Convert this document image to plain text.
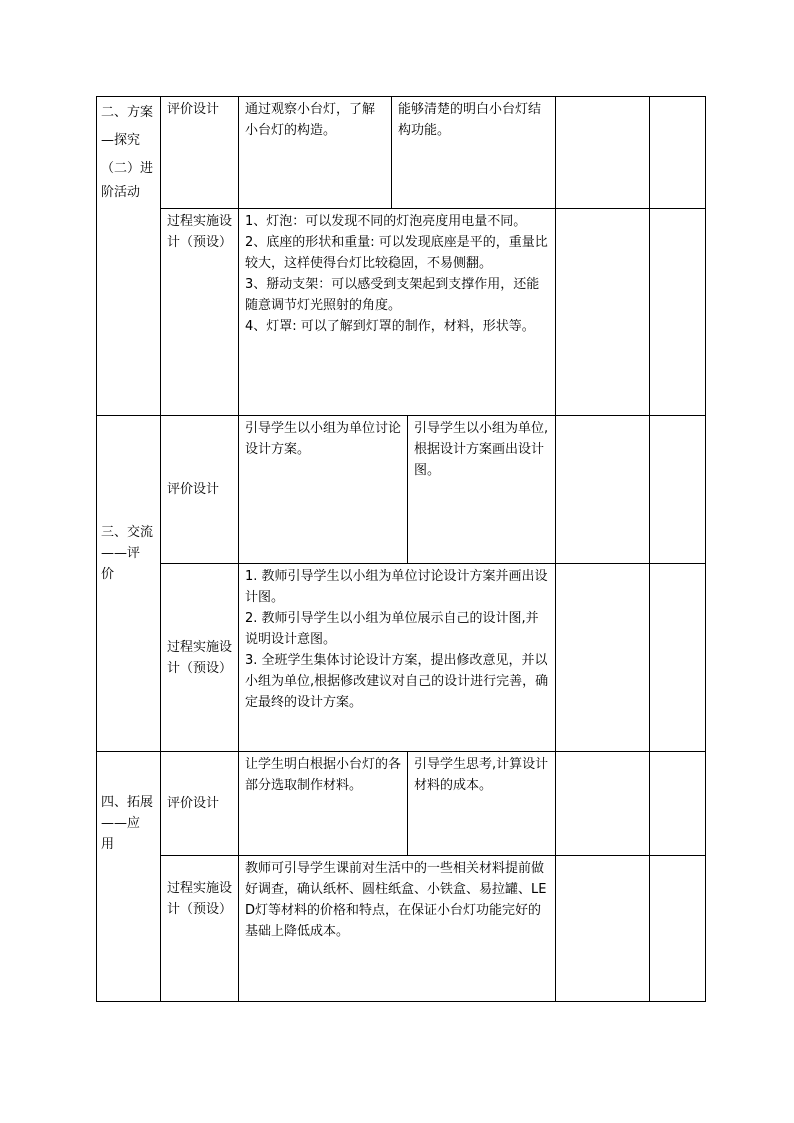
二、方案
—探究
（二）进
阶活动
评价设计	通过观察小台灯，了解小台灯的构造。
能够清楚的明白小台灯结构功能。
过程实施设计（预设）
1、灯泡：可以发现不同的灯泡亮度用电量不同。
2、底座的形状和重量: 可以发现底座是平的，重量比较大，这样使得台灯比较稳固，不易侧翻。
3、掰动支架：可以感受到支架起到支撑作用，还能随意调节灯光照射的角度。
4、灯罩: 可以了解到灯罩的制作，材料，形状等。
三、交流
——评
价
评价设计
引导学生以小组为单位讨论设计方案。
引导学生以小组为单位,根据设计方案画出设计图。
过程实施设计（预设）
1. 教师引导学生以小组为单位讨论设计方案并画出设计图。
2. 教师引导学生以小组为单位展示自己的设计图,并说明设计意图。
3. 全班学生集体讨论设计方案，提出修改意见，并以小组为单位,根据修改建议对自己的设计进行完善，确定最终的设计方案。
四、拓展
——应
用
评价设计
让学生明白根据小台灯的各部分选取制作材料。
引导学生思考,计算设计材料的成本。
过程实施设计（预设）
教师可引导学生课前对生活中的一些相关材料提前做好调查，确认纸杯、圆柱纸盒、小铁盒、易拉罐、LED灯等材料的价格和特点，在保证小台灯功能完好的基础上降低成本。
